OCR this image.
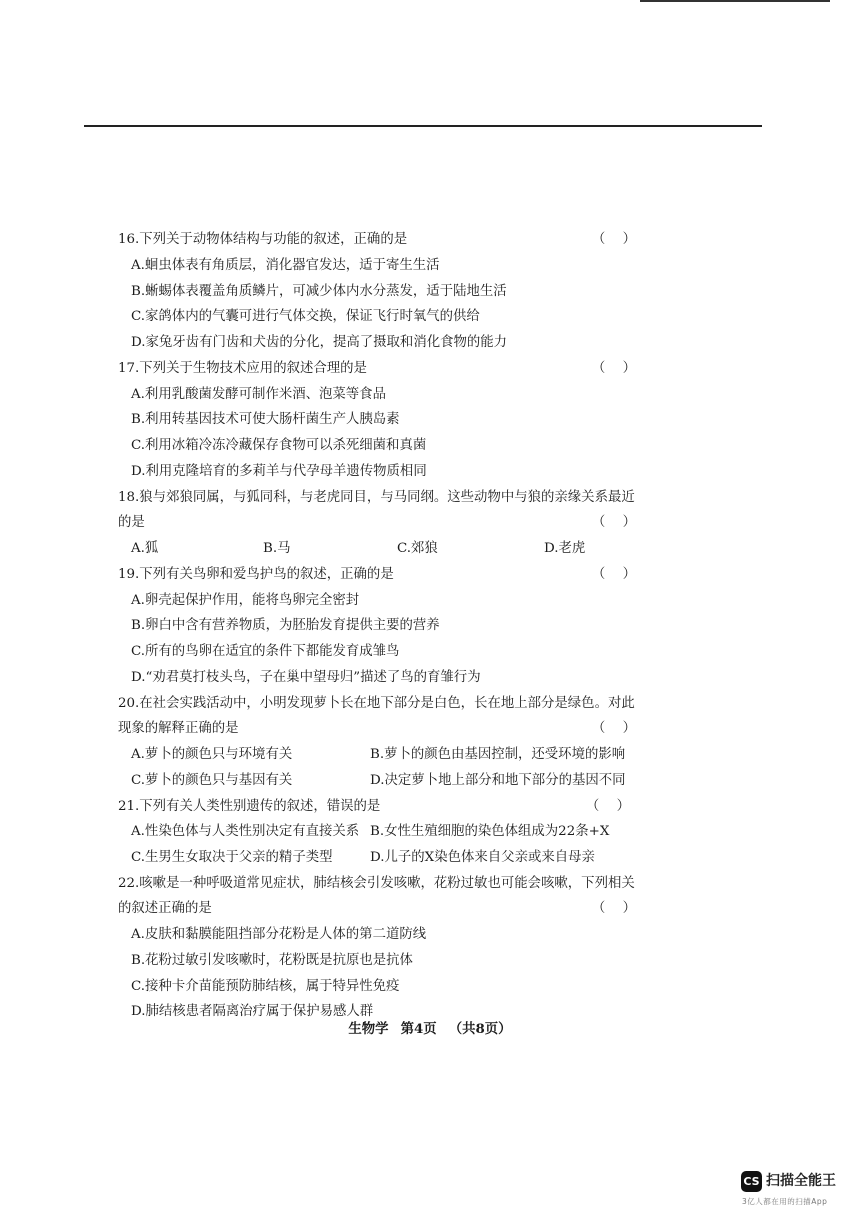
16.下列关于动物体结构与功能的叙述，正确的是	（　）
A.蛔虫体表有角质层，消化器官发达，适于寄生生活
B.蜥蜴体表覆盖角质鳞片，可减少体内水分蒸发，适于陆地生活
C.家鸽体内的气囊可进行气体交换，保证飞行时氧气的供给
D.家兔牙齿有门齿和犬齿的分化，提高了摄取和消化食物的能力
17.下列关于生物技术应用的叙述合理的是	（　）
A.利用乳酸菌发酵可制作米酒、泡菜等食品
B.利用转基因技术可使大肠杆菌生产人胰岛素
C.利用冰箱冷冻冷藏保存食物可以杀死细菌和真菌
D.利用克隆培育的多莉羊与代孕母羊遗传物质相同
18.狼与郊狼同属，与狐同科，与老虎同目，与马同纲。这些动物中与狼的亲缘关系最近
的是	（　）
A.狐	B.马	C.郊狼	D.老虎
19.下列有关鸟卵和爱鸟护鸟的叙述，正确的是	（　）
A.卵壳起保护作用，能将鸟卵完全密封
B.卵白中含有营养物质，为胚胎发育提供主要的营养
C.所有的鸟卵在适宜的条件下都能发育成雏鸟
D.“劝君莫打枝头鸟，子在巢中望母归”描述了鸟的育雏行为
20.在社会实践活动中，小明发现萝卜长在地下部分是白色，长在地上部分是绿色。对此
现象的解释正确的是	（　）
A.萝卜的颜色只与环境有关	B.萝卜的颜色由基因控制，还受环境的影响
C.萝卜的颜色只与基因有关	D.决定萝卜地上部分和地下部分的基因不同
21.下列有关人类性别遗传的叙述，错误的是	（　）
A.性染色体与人类性别决定有直接关系 B.女性生殖细胞的染色体组成为22条+X
C.生男生女取决于父亲的精子类型	D.儿子的X染色体来自父亲或来自母亲
22.咳嗽是一种呼吸道常见症状，肺结核会引发咳嗽，花粉过敏也可能会咳嗽，下列相关
的叙述正确的是	（　）
A.皮肤和黏膜能阻挡部分花粉是人体的第二道防线
B.花粉过敏引发咳嗽时，花粉既是抗原也是抗体
C.接种卡介苗能预防肺结核，属于特异性免疫
D.肺结核患者隔离治疗属于保护易感人群
生物学 第4页 （共8页）
CS 扫描全能王
3亿人都在用的扫描App
